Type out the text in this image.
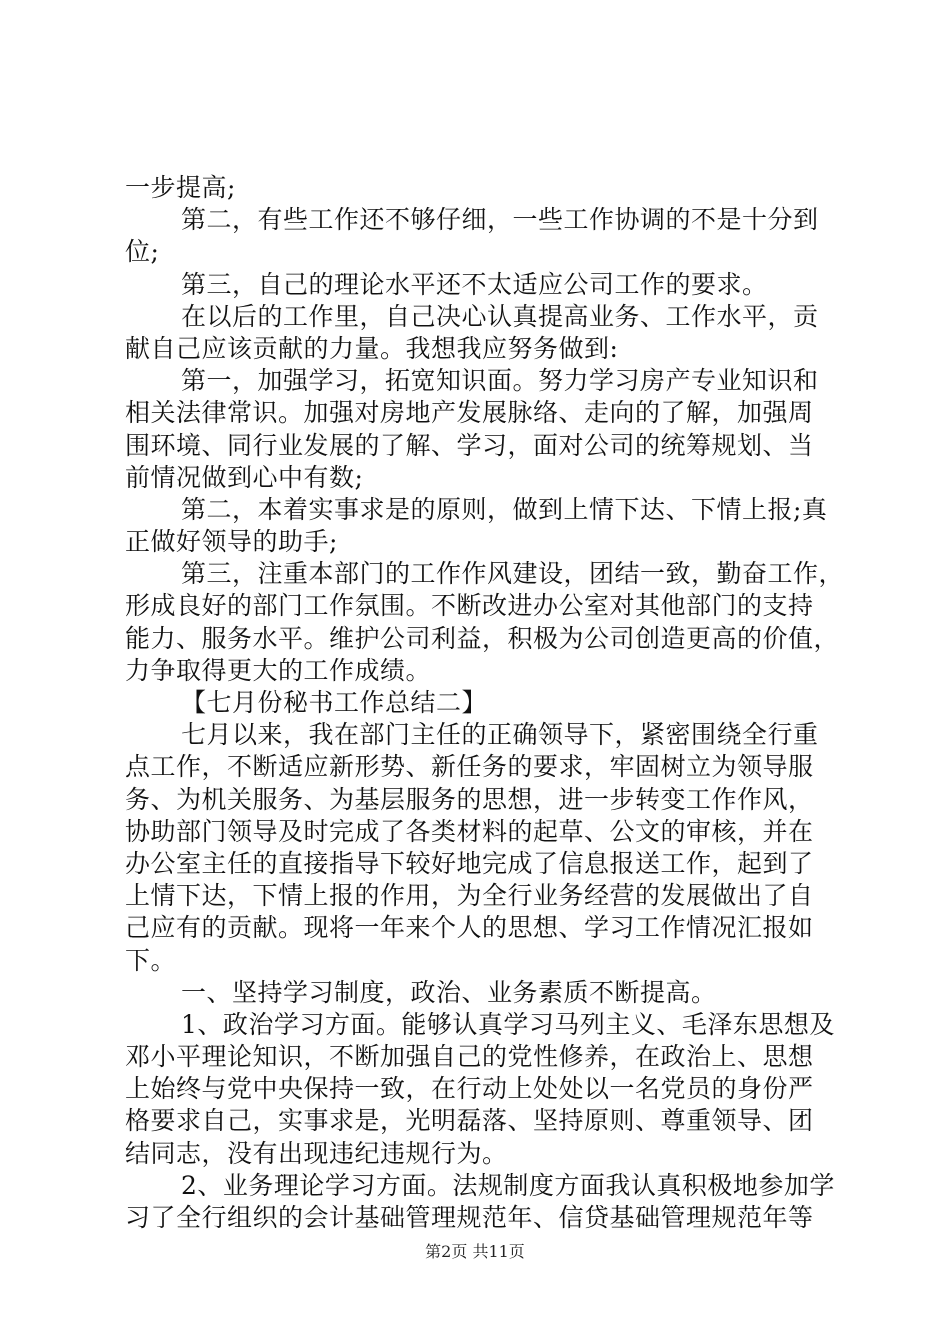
一步提高;
第二，有些工作还不够仔细，一些工作协调的不是十分到
位;
第三，自己的理论水平还不太适应公司工作的要求。
在以后的工作里，自己决心认真提高业务、工作水平，贡
献自己应该贡献的力量。我想我应努务做到:
第一，加强学习，拓宽知识面。努力学习房产专业知识和
相关法律常识。加强对房地产发展脉络、走向的了解，加强周
围环境、同行业发展的了解、学习，面对公司的统筹规划、当
前情况做到心中有数;
第二，本着实事求是的原则，做到上情下达、下情上报;真
正做好领导的助手;
第三，注重本部门的工作作风建设，团结一致，勤奋工作，
形成良好的部门工作氛围。不断改进办公室对其他部门的支持
能力、服务水平。维护公司利益，积极为公司创造更高的价值，
力争取得更大的工作成绩。
【七月份秘书工作总结二】
七月以来，我在部门主任的正确领导下，紧密围绕全行重
点工作，不断适应新形势、新任务的要求，牢固树立为领导服
务、为机关服务、为基层服务的思想，进一步转变工作作风，
协助部门领导及时完成了各类材料的起草、公文的审核，并在
办公室主任的直接指导下较好地完成了信息报送工作，起到了
上情下达，下情上报的作用，为全行业务经营的发展做出了自
己应有的贡献。现将一年来个人的思想、学习工作情况汇报如
下。
一、坚持学习制度，政治、业务素质不断提高。
1、政治学习方面。能够认真学习马列主义、毛泽东思想及
邓小平理论知识，不断加强自己的党性修养，在政治上、思想
上始终与党中央保持一致，在行动上处处以一名党员的身份严
格要求自己，实事求是，光明磊落、坚持原则、尊重领导、团
结同志，没有出现违纪违规行为。
2、业务理论学习方面。法规制度方面我认真积极地参加学
习了全行组织的会计基础管理规范年、信贷基础管理规范年等
第2页 共11页
